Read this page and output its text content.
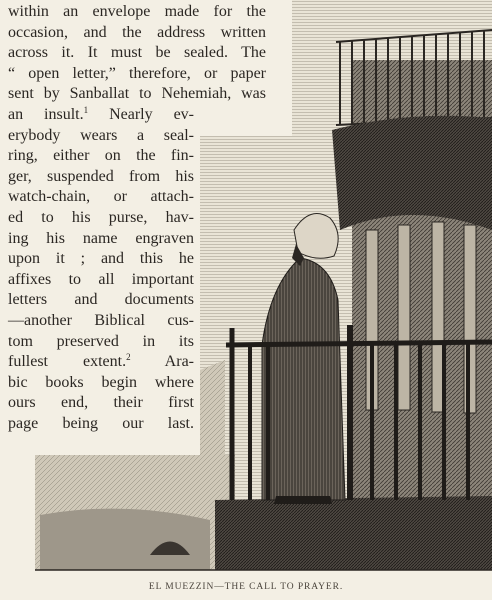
within an envelope made for the
occasion, and the address written
across it. It must be sealed. The
“ open letter,” therefore, or paper
sent by Sanballat to Nehemiah, was
an insult.$^1$ Nearly ev-
erybody wears a seal-
ring, either on the fin-
ger, suspended from his
watch-chain, or attach-
ed to his purse, hav-
ing his name engraven
upon it ; and this he
affixes to all important
letters and documents
—another Biblical cus-
tom preserved in its
fullest extent.$^2$ Ara-
bic books begin where
ours end, their first
page being our last.
EL MUEZZIN—THE CALL TO PRAYER.
